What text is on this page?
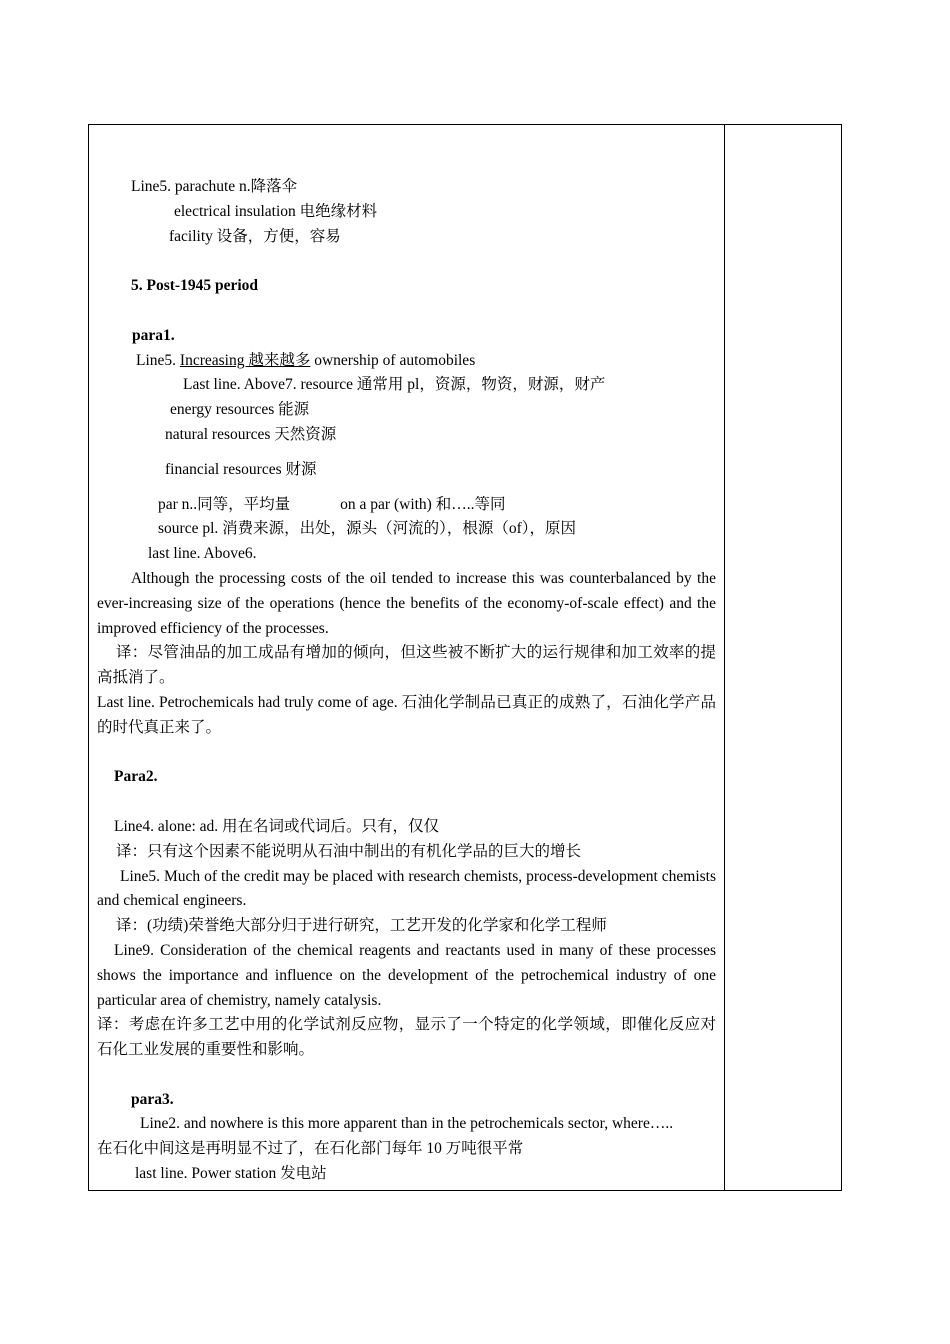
Line5. parachute n.降落伞
electrical insulation 电绝缘材料
facility 设备，方便，容易
5. Post-1945 period
para1.
Line5. Increasing 越来越多 ownership of automobiles
Last line. Above7. resource 通常用 pl，资源，物资，财源，财产
energy resources 能源
natural resources 天然资源
financial resources 财源
par n..同等，平均量	on a par (with) 和…..等同
source pl. 消费来源，出处，源头（河流的），根源（of），原因
last line. Above6.
Although the processing costs of the oil tended to increase this was counterbalanced by the ever-increasing size of the operations (hence the benefits of the economy-of-scale effect) and the improved efficiency of the processes.
译：尽管油品的加工成品有增加的倾向，但这些被不断扩大的运行规律和加工效率的提高抵消了。
Last line. Petrochemicals had truly come of age. 石油化学制品已真正的成熟了，石油化学产品的时代真正来了。
Para2.
Line4. alone: ad. 用在名词或代词后。只有，仅仅
译：只有这个因素不能说明从石油中制出的有机化学品的巨大的增长
Line5. Much of the credit may be placed with research chemists, process-development chemists and chemical engineers.
译：(功绩)荣誉绝大部分归于进行研究，工艺开发的化学家和化学工程师
Line9. Consideration of the chemical reagents and reactants used in many of these processes shows the importance and influence on the development of the petrochemical industry of one particular area of chemistry, namely catalysis.
译：考虑在许多工艺中用的化学试剂反应物，显示了一个特定的化学领域，即催化反应对石化工业发展的重要性和影响。
para3.
Line2. and nowhere is this more apparent than in the petrochemicals sector, where…..
在石化中间这是再明显不过了，在石化部门每年 10 万吨很平常
last line. Power station 发电站
